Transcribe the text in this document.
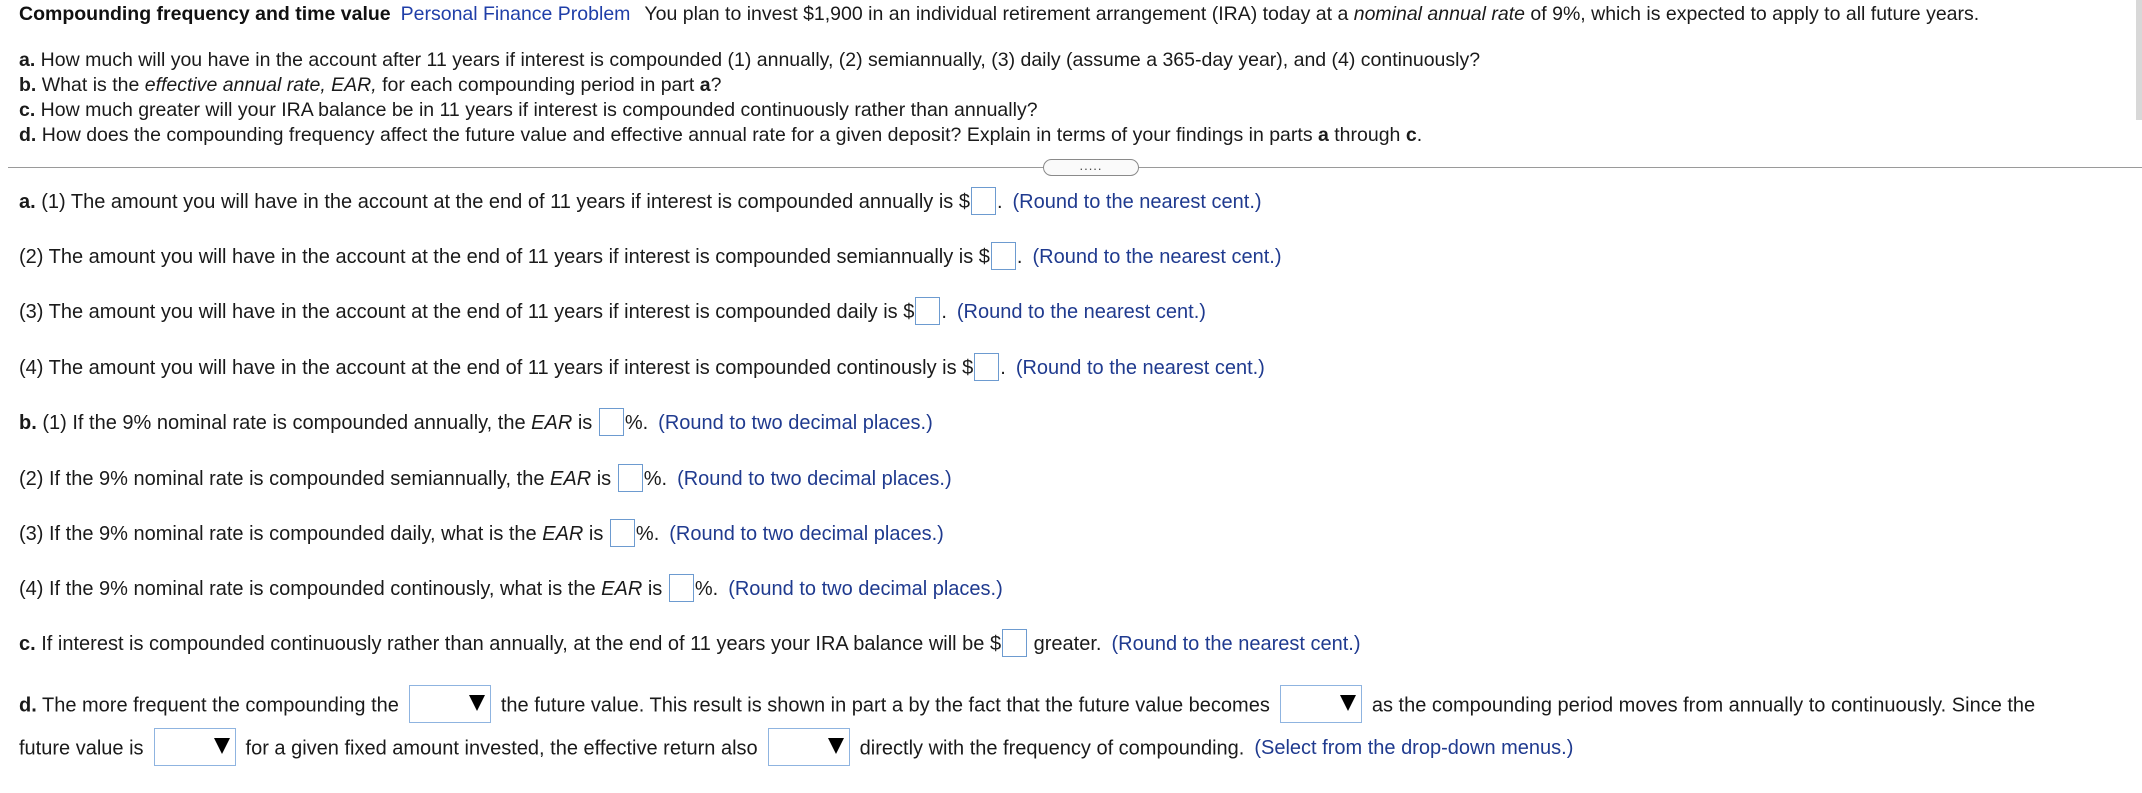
Compounding frequency and time value Personal Finance Problem You plan to invest $1,900 in an individual retirement arrangement (IRA) today at a nominal annual rate of 9%, which is expected to apply to all future years.
a. How much will you have in the account after 11 years if interest is compounded (1) annually, (2) semiannually, (3) daily (assume a 365-day year), and (4) continuously?
b. What is the effective annual rate, EAR, for each compounding period in part a?
c. How much greater will your IRA balance be in 11 years if interest is compounded continuously rather than annually?
d. How does the compounding frequency affect the future value and effective annual rate for a given deposit? Explain in terms of your findings in parts a through c.
.....
a. (1) The amount you will have in the account at the end of 11 years if interest is compounded annually is $ . (Round to the nearest cent.)
(2) The amount you will have in the account at the end of 11 years if interest is compounded semiannually is $ . (Round to the nearest cent.)
(3) The amount you will have in the account at the end of 11 years if interest is compounded daily is $ . (Round to the nearest cent.)
(4) The amount you will have in the account at the end of 11 years if interest is compounded continously is $ . (Round to the nearest cent.)
b. (1) If the 9% nominal rate is compounded annually, the EAR is %. (Round to two decimal places.)
(2) If the 9% nominal rate is compounded semiannually, the EAR is %. (Round to two decimal places.)
(3) If the 9% nominal rate is compounded daily, what is the EAR is %. (Round to two decimal places.)
(4) If the 9% nominal rate is compounded continously, what is the EAR is %. (Round to two decimal places.)
c. If interest is compounded continuously rather than annually, at the end of 11 years your IRA balance will be $ greater. (Round to the nearest cent.)
d. The more frequent the compounding the	the future value. This result is shown in part a by the fact that the future value becomes	as the compounding period moves from annually to continuously. Since the
future value is	for a given fixed amount invested, the effective return also	directly with the frequency of compounding. (Select from the drop-down menus.)
